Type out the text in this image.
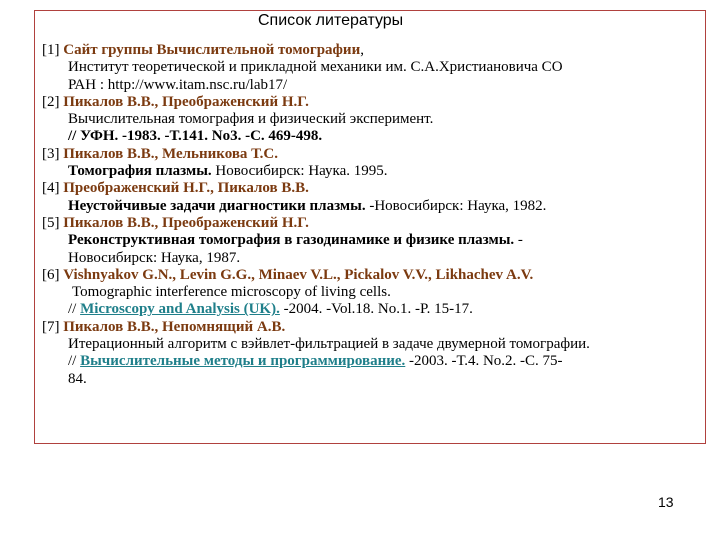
Список литературы
[1] Сайт группы Вычислительной томографии,
Институт теоретической и прикладной механики им. С.А.Христиановича СО
РАН : http://www.itam.nsc.ru/lab17/
[2] Пикалов В.В., Преображенский Н.Г.
Вычислительная томография и физический эксперимент.
// УФН. -1983. -Т.141. No3. -С. 469-498.
[3] Пикалов В.В., Мельникова Т.С.
Томография плазмы. Новосибирск: Наука. 1995.
[4] Преображенский Н.Г., Пикалов В.В.
Неустойчивые задачи диагностики плазмы. -Новосибирск: Наука, 1982.
[5] Пикалов В.В., Преображенский Н.Г.
Реконструктивная томография в газодинамике и физике плазмы. -
Новосибирск: Наука, 1987.
[6] Vishnyakov G.N., Levin G.G., Minaev V.L., Pickalov V.V., Likhachev A.V.
Tomographic interference microscopy of living cells.
// Microscopy and Analysis (UK). -2004. -Vol.18. No.1. -P. 15-17.
[7] Пикалов В.В., Непомнящий А.В.
Итерационный алгоритм с вэйвлет-фильтрацией в задаче двумерной томографии.
// Вычислительные методы и программирование. -2003. -Т.4. No.2. -С. 75-
84.
13
